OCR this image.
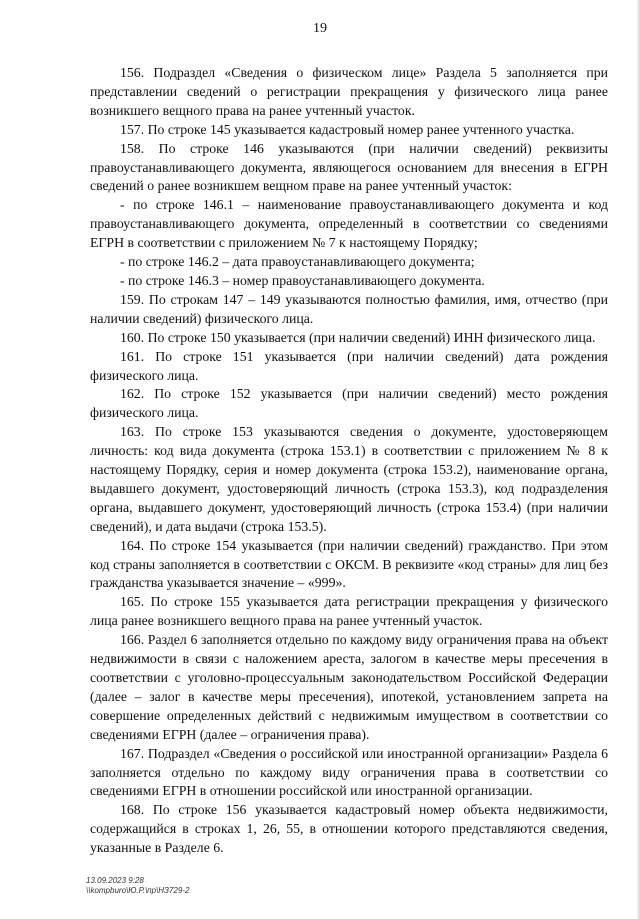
19

156. Подраздел «Сведения о физическом лице» Раздела 5 заполняется при представлении сведений о регистрации прекращения у физического лица ранее возникшего вещного права на ранее учтенный участок.

157. По строке 145 указывается кадастровый номер ранее учтенного участка.

158. По строке 146 указываются (при наличии сведений) реквизиты правоустанавливающего документа, являющегося основанием для внесения в ЕГРН сведений о ранее возникшем вещном праве на ранее учтенный участок:

- по строке 146.1 – наименование правоустанавливающего документа и код правоустанавливающего документа, определенный в соответствии со сведениями ЕГРН в соответствии с приложением № 7 к настоящему Порядку;

- по строке 146.2 – дата правоустанавливающего документа;

- по строке 146.3 – номер правоустанавливающего документа.

159. По строкам 147 – 149 указываются полностью фамилия, имя, отчество (при наличии сведений) физического лица.

160. По строке 150 указывается (при наличии сведений) ИНН физического лица.

161. По строке 151 указывается (при наличии сведений) дата рождения физического лица.

162. По строке 152 указывается (при наличии сведений) место рождения физического лица.

163. По строке 153 указываются сведения о документе, удостоверяющем личность: код вида документа (строка 153.1) в соответствии с приложением № 8 к настоящему Порядку, серия и номер документа (строка 153.2), наименование органа, выдавшего документ, удостоверяющий личность (строка 153.3), код подразделения органа, выдавшего документ, удостоверяющий личность (строка 153.4) (при наличии сведений), и дата выдачи (строка 153.5).

164. По строке 154 указывается (при наличии сведений) гражданство. При этом код страны заполняется в соответствии с ОКСМ. В реквизите «код страны» для лиц без гражданства указывается значение – «999».

165. По строке 155 указывается дата регистрации прекращения у физического лица ранее возникшего вещного права на ранее учтенный участок.

166. Раздел 6 заполняется отдельно по каждому виду ограничения права на объект недвижимости в связи с наложением ареста, залогом в качестве меры пресечения в соответствии с уголовно-процессуальным законодательством Российской Федерации (далее – залог в качестве меры пресечения), ипотекой, установлением запрета на совершение определенных действий с недвижимым имуществом в соответствии со сведениями ЕГРН (далее – ограничения права).

167. Подраздел «Сведения о российской или иностранной организации» Раздела 6 заполняется отдельно по каждому виду ограничения права в соответствии со сведениями ЕГРН в отношении российской или иностранной организации.

168. По строке 156 указывается кадастровый номер объекта недвижимости, содержащийся в строках 1, 26, 55, в отношении которого представляются сведения, указанные в Разделе 6.

13.09.2023 9:28
\\kompburo\Ю.Р.\пр\НЗ729-2
